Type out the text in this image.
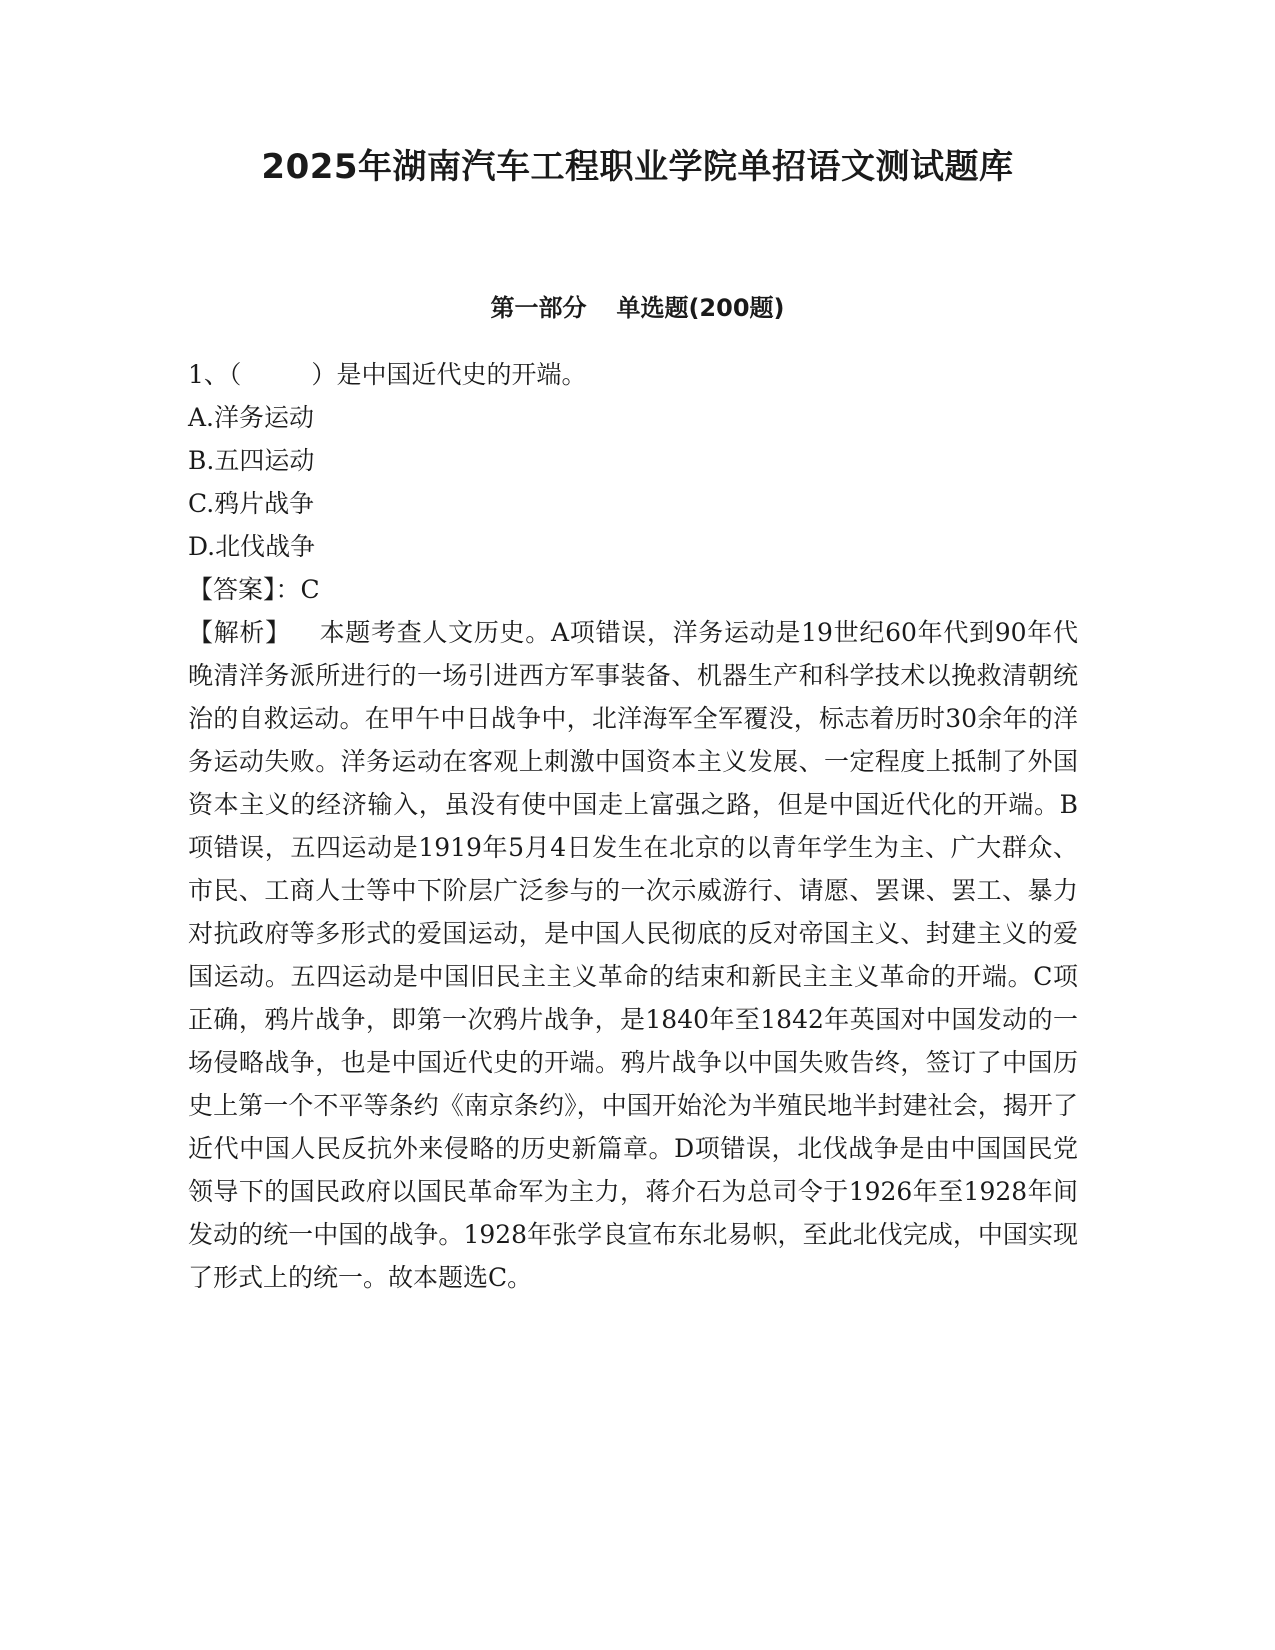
2025年湖南汽车工程职业学院单招语文测试题库
第一部分 单选题(200题)

1、（	）是中国近代史的开端。

A.洋务运动

B.五四运动

C.鸦片战争

D.北伐战争

【答案】：C

【解析】 本题考查人文历史。A项错误，洋务运动是19世纪60年代到90年代晚清洋务派所进行的一场引进西方军事装备、机器生产和科学技术以挽救清朝统治的自救运动。在甲午中日战争中，北洋海军全军覆没，标志着历时30余年的洋务运动失败。洋务运动在客观上刺激中国资本主义发展、一定程度上抵制了外国资本主义的经济输入，虽没有使中国走上富强之路，但是中国近代化的开端。B项错误，五四运动是1919年5月4日发生在北京的以青年学生为主、广大群众、市民、工商人士等中下阶层广泛参与的一次示威游行、请愿、罢课、罢工、暴力对抗政府等多形式的爱国运动，是中国人民彻底的反对帝国主义、封建主义的爱国运动。五四运动是中国旧民主主义革命的结束和新民主主义革命的开端。C项正确，鸦片战争，即第一次鸦片战争，是1840年至1842年英国对中国发动的一场侵略战争，也是中国近代史的开端。鸦片战争以中国失败告终，签订了中国历史上第一个不平等条约《南京条约》，中国开始沦为半殖民地半封建社会，揭开了近代中国人民反抗外来侵略的历史新篇章。D项错误，北伐战争是由中国国民党领导下的国民政府以国民革命军为主力，蒋介石为总司令于1926年至1928年间发动的统一中国的战争。1928年张学良宣布东北易帜，至此北伐完成，中国实现了形式上的统一。故本题选C。
